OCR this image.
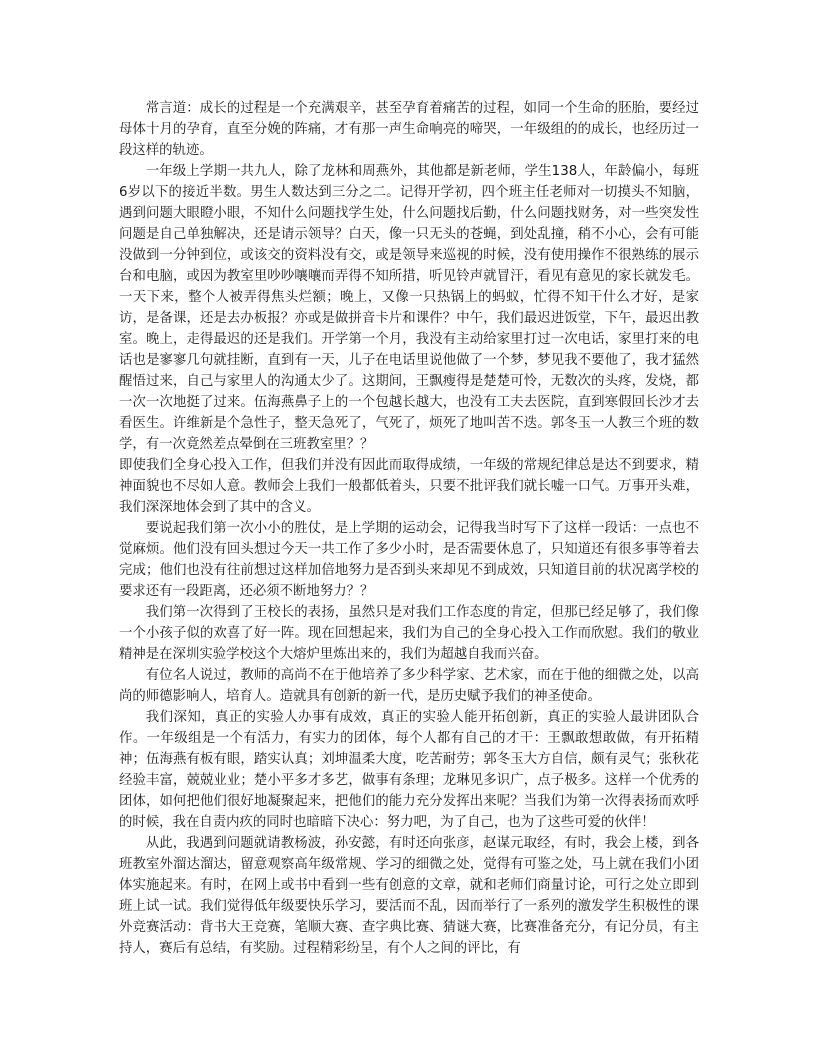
常言道：成长的过程是一个充满艰辛，甚至孕育着痛苦的过程，如同一个生命的胚胎，要经过母体十月的孕育，直至分娩的阵痛，才有那一声生命响亮的啼哭，一年级组的的成长，也经历过一段这样的轨迹。

一年级上学期一共九人，除了龙林和周燕外，其他都是新老师，学生138人，年龄偏小，每班6岁以下的接近半数。男生人数达到三分之二。记得开学初，四个班主任老师对一切摸头不知脑，遇到问题大眼瞪小眼，不知什么问题找学生处，什么问题找后勤，什么问题找财务，对一些突发性问题是自己单独解决，还是请示领导？白天，像一只无头的苍蝇，到处乱撞，稍不小心，会有可能没做到一分钟到位，或该交的资料没有交，或是领导来巡视的时候，没有使用操作不很熟练的展示台和电脑，或因为教室里吵吵嚷嚷而弄得不知所措，听见铃声就冒汗，看见有意见的家长就发毛。一天下来，整个人被弄得焦头烂额；晚上，又像一只热锅上的蚂蚁，忙得不知干什么才好，是家访，是备课，还是去办板报？亦或是做拼音卡片和课件？中午，我们最迟进饭堂，下午，最迟出教室。晚上，走得最迟的还是我们。开学第一个月，我没有主动给家里打过一次电话，家里打来的电话也是寥寥几句就挂断，直到有一天，儿子在电话里说他做了一个梦，梦见我不要他了，我才猛然醒悟过来，自己与家里人的沟通太少了。这期间，王飘瘦得是楚楚可怜，无数次的头疼，发烧，都一次一次地挺了过来。伍海燕鼻子上的一个包越长越大，也没有工夫去医院，直到寒假回长沙才去看医生。许维新是个急性子，整天急死了，气死了，烦死了地叫苦不迭。郭冬玉一人教三个班的数学，有一次竟然差点晕倒在三班教室里？？

即使我们全身心投入工作，但我们并没有因此而取得成绩，一年级的常规纪律总是达不到要求，精神面貌也不尽如人意。教师会上我们一般都低着头，只要不批评我们就长嘘一口气。万事开头难，我们深深地体会到了其中的含义。

要说起我们第一次小小的胜仗，是上学期的运动会，记得我当时写下了这样一段话：一点也不觉麻烦。他们没有回头想过今天一共工作了多少小时，是否需要休息了，只知道还有很多事等着去完成；他们也没有往前想过这样加倍地努力是否到头来却见不到成效，只知道目前的状况离学校的要求还有一段距离，还必须不断地努力？？

我们第一次得到了王校长的表扬，虽然只是对我们工作态度的肯定，但那已经足够了，我们像一个小孩子似的欢喜了好一阵。现在回想起来，我们为自己的全身心投入工作而欣慰。我们的敬业精神是在深圳实验学校这个大熔炉里炼出来的，我们为超越自我而兴奋。

有位名人说过，教师的高尚不在于他培养了多少科学家、艺术家，而在于他的细微之处，以高尚的师德影响人，培育人。造就具有创新的新一代，是历史赋予我们的神圣使命。

我们深知，真正的实验人办事有成效，真正的实验人能开拓创新，真正的实验人最讲团队合作。一年级组是一个有活力，有实力的团体，每个人都有自己的才干：王飘敢想敢做，有开拓精神；伍海燕有板有眼，踏实认真；刘坤温柔大度，吃苦耐劳；郭冬玉大方自信，颇有灵气；张秋花经验丰富，兢兢业业；楚小平多才多艺，做事有条理；龙琳见多识广，点子极多。这样一个优秀的团体，如何把他们很好地凝聚起来，把他们的能力充分发挥出来呢？当我们为第一次得表扬而欢呼的时候，我在自责内疚的同时也暗暗下决心：努力吧，为了自己，也为了这些可爱的伙伴！

从此，我遇到问题就请教杨波，孙安懿，有时还向张彦，赵谋元取经，有时，我会上楼，到各班教室外溜达溜达，留意观察高年级常规、学习的细微之处，觉得有可鉴之处，马上就在我们小团体实施起来。有时，在网上或书中看到一些有创意的文章，就和老师们商量讨论，可行之处立即到班上试一试。我们觉得低年级要快乐学习，要活而不乱，因而举行了一系列的激发学生积极性的课外竞赛活动：背书大王竞赛，笔顺大赛、查字典比赛、猜谜大赛，比赛准备充分，有记分员，有主持人，赛后有总结，有奖励。过程精彩纷呈，有个人之间的评比，有
